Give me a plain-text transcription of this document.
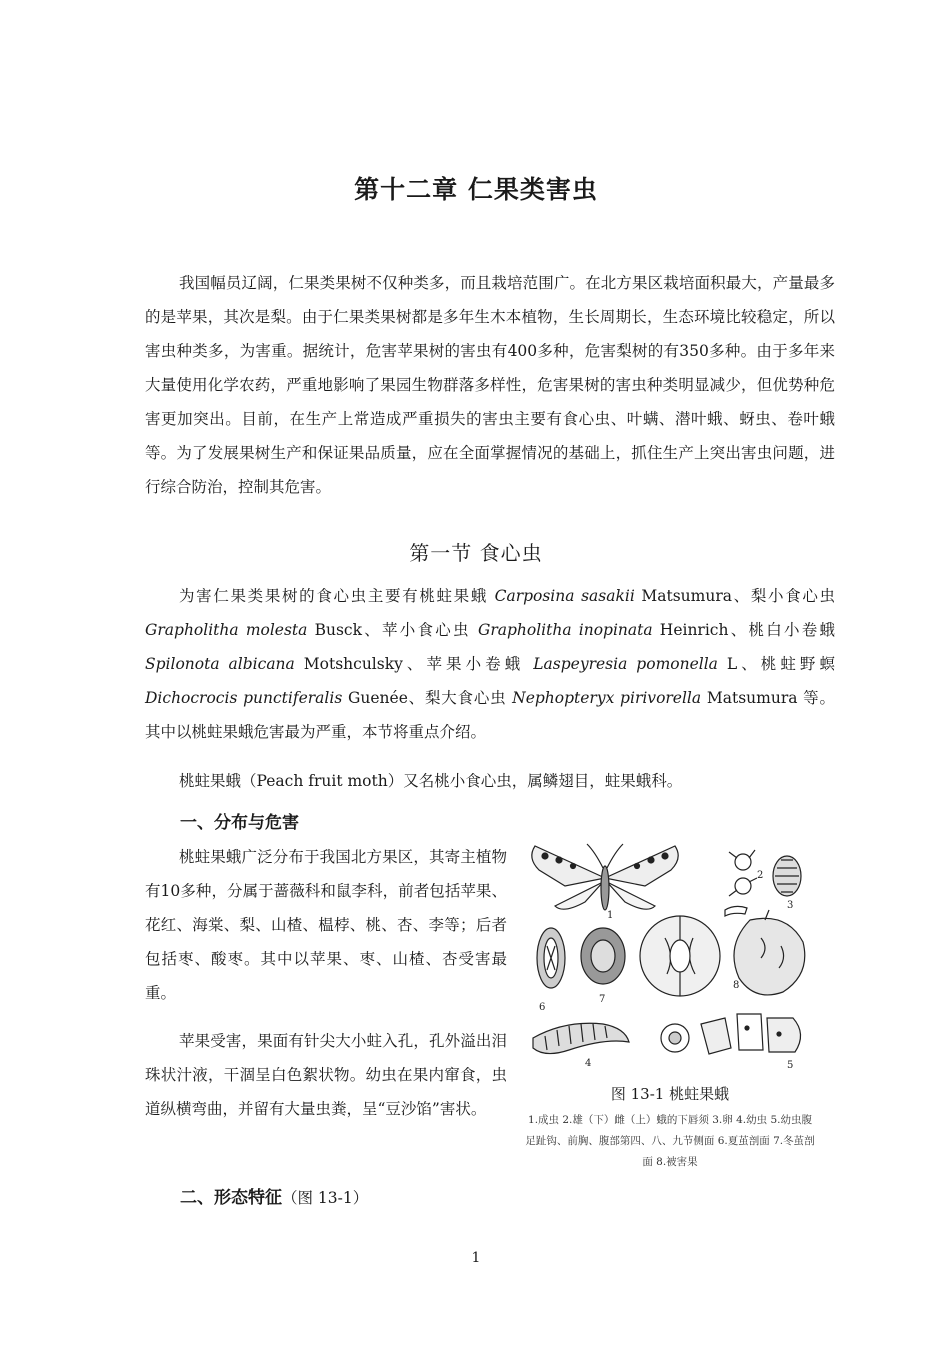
第十二章 仁果类害虫

我国幅员辽阔，仁果类果树不仅种类多，而且栽培范围广。在北方果区栽培面积最大，产量最多的是苹果，其次是梨。由于仁果类果树都是多年生木本植物，生长周期长，生态环境比较稳定，所以害虫种类多，为害重。据统计，危害苹果树的害虫有400多种，危害梨树的有350多种。由于多年来大量使用化学农药，严重地影响了果园生物群落多样性，危害果树的害虫种类明显减少，但优势种危害更加突出。目前，在生产上常造成严重损失的害虫主要有食心虫、叶螨、潜叶蛾、蚜虫、卷叶蛾等。为了发展果树生产和保证果品质量，应在全面掌握情况的基础上，抓住生产上突出害虫问题，进行综合防治，控制其危害。

第一节 食心虫

为害仁果类果树的食心虫主要有桃蛀果蛾 Carposina sasakii Matsumura、梨小食心虫 Grapholitha molesta Busck、苹小食心虫 Grapholitha inopinata Heinrich、桃白小卷蛾 Spilonota albicana Motshculsky、苹果小卷蛾 Laspeyresia pomonella L、桃蛀野螟 Dichocrocis punctiferalis Guenée、梨大食心虫 Nephopteryx pirivorella Matsumura 等。其中以桃蛀果蛾危害最为严重，本节将重点介绍。

桃蛀果蛾（Peach fruit moth）又名桃小食心虫，属鳞翅目，蛀果蛾科。

一、分布与危害

桃蛀果蛾广泛分布于我国北方果区，其寄主植物有10多种，分属于蔷薇科和鼠李科，前者包括苹果、花红、海棠、梨、山楂、榅桲、桃、杏、李等；后者包括枣、酸枣。其中以苹果、枣、山楂、杏受害最重。

苹果受害，果面有针尖大小蛀入孔，孔外溢出泪珠状汁液，干涸呈白色絮状物。幼虫在果内窜食，虫道纵横弯曲，并留有大量虫粪，呈“豆沙馅”害状。

二、形态特征（图 13-1）
1
2
3
4	5
6
7
8
图 13-1 桃蛀果蛾
1.成虫 2.雄（下）雌（上）蛾的下唇须 3.卵 4.幼虫 5.幼虫腹足趾钩、前胸、腹部第四、八、九节侧面 6.夏茧剖面 7.冬茧剖面 8.被害果
1
